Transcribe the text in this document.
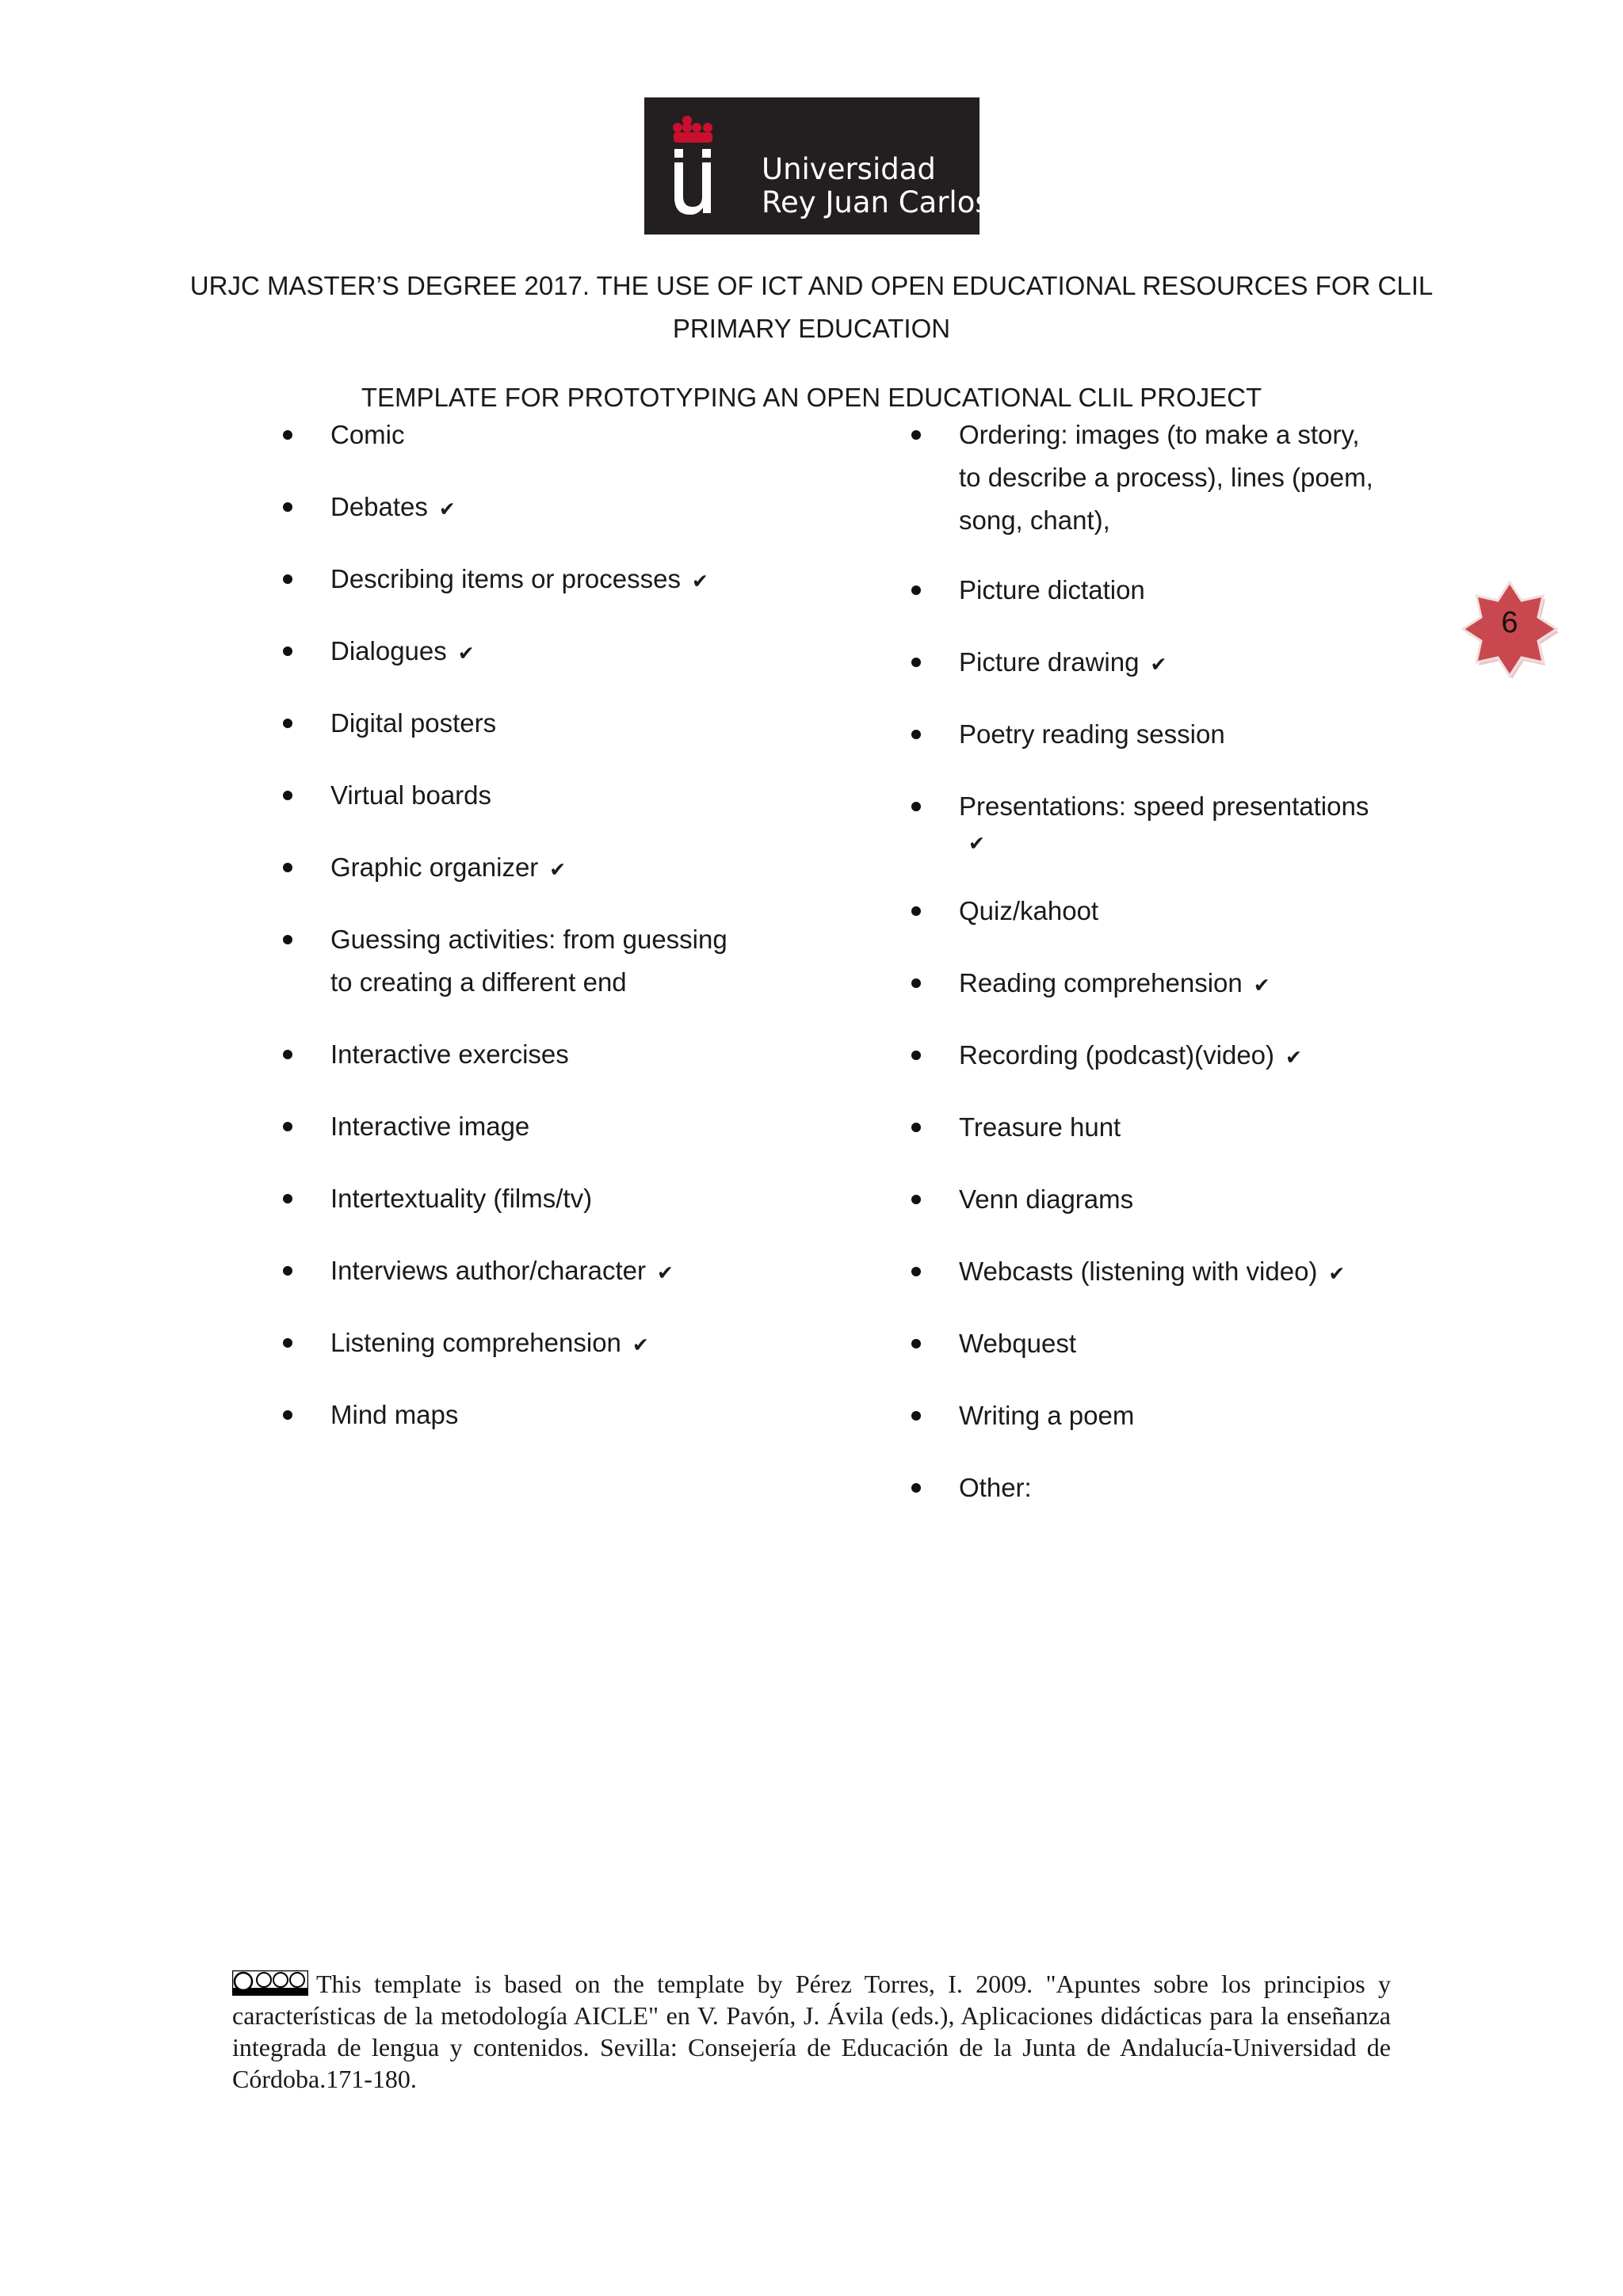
Universidad
Rey Juan Carlos
URJC MASTER’S DEGREE 2017. THE USE OF ICT AND OPEN EDUCATIONAL RESOURCES FOR CLIL
PRIMARY EDUCATION
TEMPLATE FOR PROTOTYPING AN OPEN EDUCATIONAL CLIL PROJECT
Comic
Debates ✔
Describing items or processes ✔
Dialogues ✔
Digital posters
Virtual boards
Graphic organizer ✔
Guessing activities: from guessing
to creating a different end
Interactive exercises
Interactive image
Intertextuality (films/tv)
Interviews author/character ✔
Listening comprehension ✔
Mind maps
Ordering: images (to make a story,
to describe a process), lines (poem,
song, chant),
Picture dictation
Picture drawing ✔
Poetry reading session
Presentations: speed presentations
✔
Quiz/kahoot
Reading comprehension ✔
Recording (podcast)(video) ✔
Treasure hunt
Venn diagrams
Webcasts (listening with video) ✔
Webquest
Writing a poem
Other:
6
This template is based on the template by Pérez Torres, I. 2009. "Apuntes sobre los principios y características de la metodología AICLE" en V. Pavón, J. Ávila (eds.), Aplicaciones didácticas para la enseñanza integrada de lengua y contenidos. Sevilla: Consejería de Educación de la Junta de Andalucía-Universidad de Córdoba.171-180.
